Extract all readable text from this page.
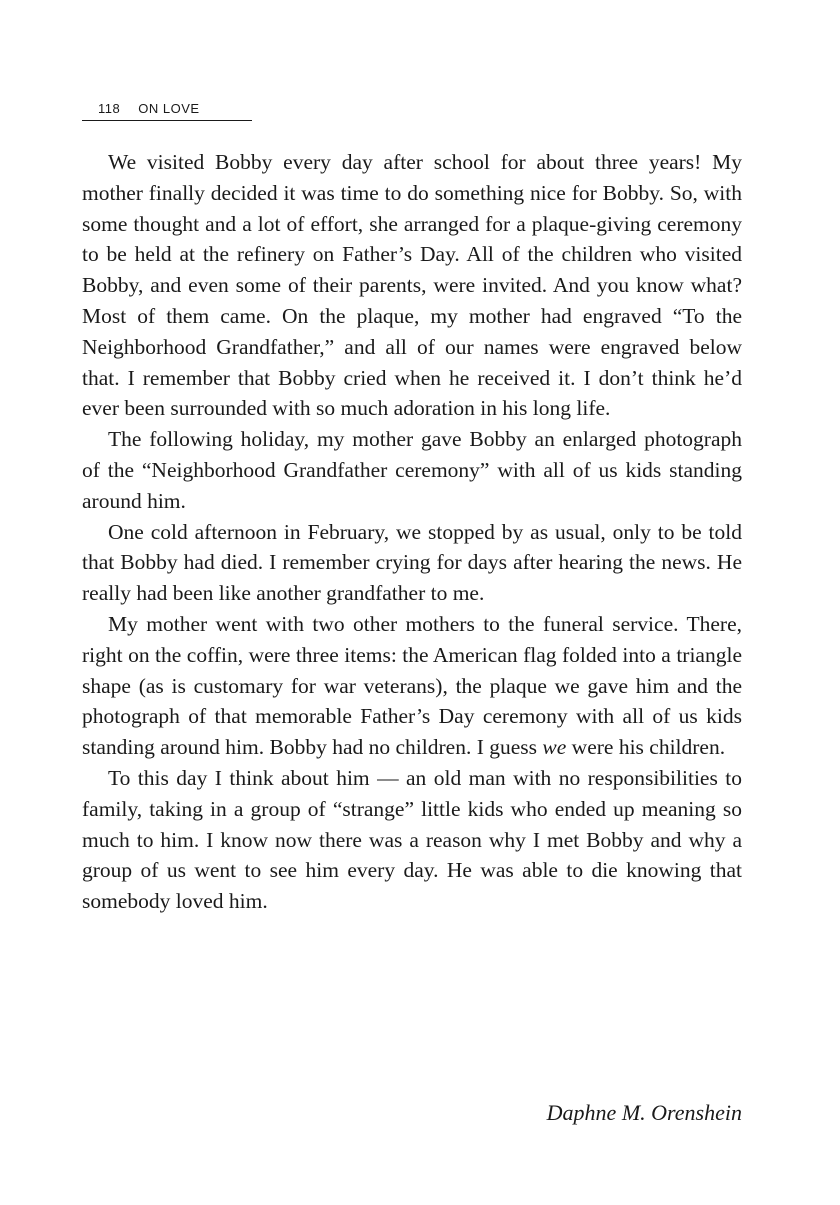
118 ON LOVE

We visited Bobby every day after school for about three years! My mother finally decided it was time to do something nice for Bobby. So, with some thought and a lot of effort, she arranged for a plaque-giving ceremony to be held at the refinery on Father’s Day. All of the children who visited Bobby, and even some of their parents, were invited. And you know what? Most of them came. On the plaque, my mother had engraved “To the Neighborhood Grandfather,” and all of our names were engraved below that. I remember that Bobby cried when he received it. I don’t think he’d ever been surrounded with so much adoration in his long life.

The following holiday, my mother gave Bobby an enlarged photograph of the “Neighborhood Grandfather ceremony” with all of us kids standing around him.

One cold afternoon in February, we stopped by as usual, only to be told that Bobby had died. I remember crying for days after hearing the news. He really had been like another grandfather to me.

My mother went with two other mothers to the funeral service. There, right on the coffin, were three items: the American flag folded into a triangle shape (as is customary for war veterans), the plaque we gave him and the photograph of that memorable Father’s Day ceremony with all of us kids standing around him. Bobby had no children. I guess we were his children.

To this day I think about him — an old man with no responsibilities to family, taking in a group of “strange” little kids who ended up meaning so much to him. I know now there was a reason why I met Bobby and why a group of us went to see him every day. He was able to die knowing that somebody loved him.

Daphne M. Orenshein
